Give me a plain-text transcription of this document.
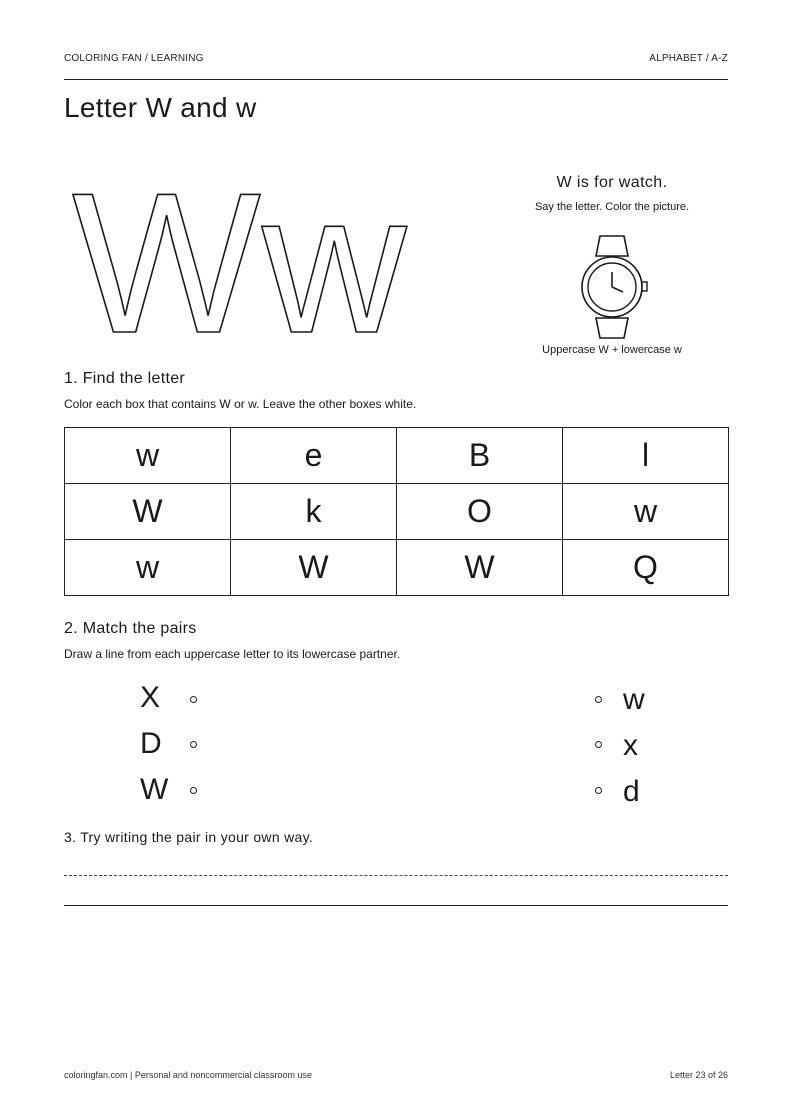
COLORING FAN / LEARNING	ALPHABET / A-Z
Letter W and w
W w	W is for watch.
Say the letter. Color the picture.
Uppercase W + lowercase w
1. Find the letter
Color each box that contains W or w. Leave the other boxes white.
w	e	B	l
W	k	O	w
w	W	W	Q
2. Match the pairs
Draw a line from each uppercase letter to its lowercase partner.
X
D
W
w
x
d
3. Try writing the pair in your own way.
coloringfan.com | Personal and noncommercial classroom use	Letter 23 of 26
